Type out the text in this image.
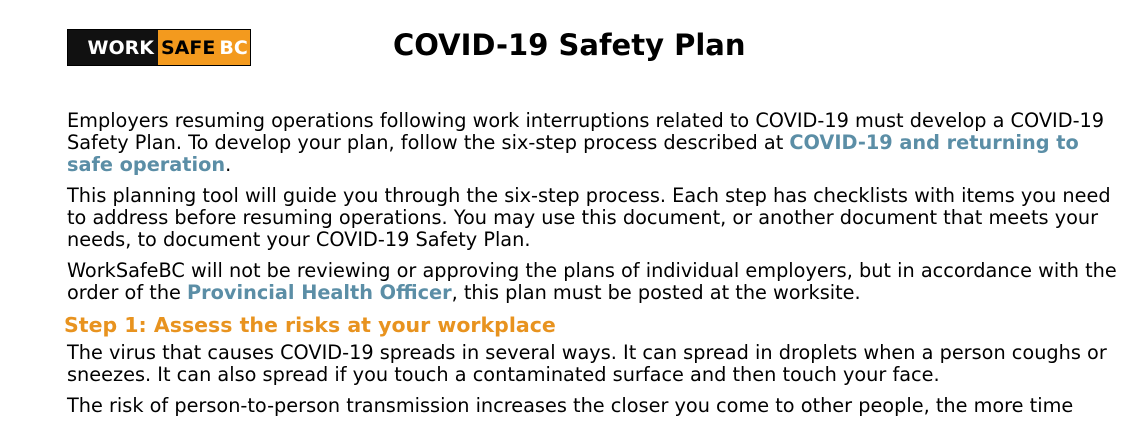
WORK SAFE BC	COVID-19 Safety Plan

Employers resuming operations following work interruptions related to COVID-19 must develop a COVID-19 Safety Plan. To develop your plan, follow the six-step process described at COVID-19 and returning to safe operation.

This planning tool will guide you through the six-step process. Each step has checklists with items you need to address before resuming operations. You may use this document, or another document that meets your needs, to document your COVID-19 Safety Plan.

WorkSafeBC will not be reviewing or approving the plans of individual employers, but in accordance with the order of the Provincial Health Officer, this plan must be posted at the worksite.

Step 1: Assess the risks at your workplace

The virus that causes COVID-19 spreads in several ways. It can spread in droplets when a person coughs or sneezes. It can also spread if you touch a contaminated surface and then touch your face.

The risk of person-to-person transmission increases the closer you come to other people, the more time
